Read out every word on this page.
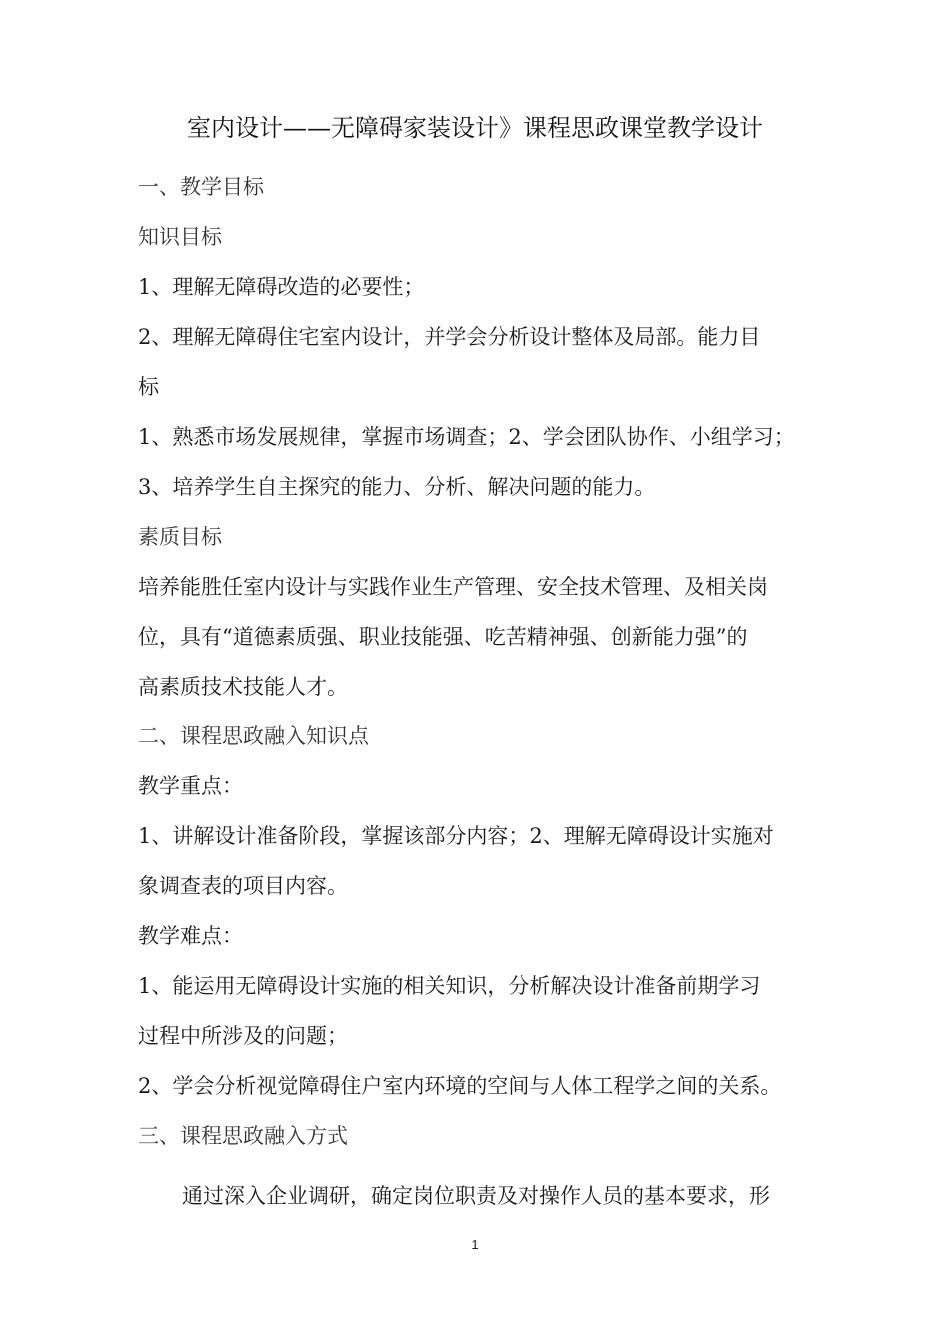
室内设计——无障碍家装设计》课程思政课堂教学设计
一、教学目标
知识目标
1、理解无障碍改造的必要性；
2、理解无障碍住宅室内设计，并学会分析设计整体及局部。能力目
标
1、熟悉市场发展规律，掌握市场调查；2、学会团队协作、小组学习；
3、培养学生自主探究的能力、分析、解决问题的能力。
素质目标
培养能胜任室内设计与实践作业生产管理、安全技术管理、及相关岗
位，具有“道德素质强、职业技能强、吃苦精神强、创新能力强”的
高素质技术技能人才。
二、课程思政融入知识点
教学重点：
1、讲解设计准备阶段，掌握该部分内容；2、理解无障碍设计实施对
象调查表的项目内容。
教学难点：
1、能运用无障碍设计实施的相关知识，分析解决设计准备前期学习
过程中所涉及的问题；
2、学会分析视觉障碍住户室内环境的空间与人体工程学之间的关系。
三、课程思政融入方式
通过深入企业调研，确定岗位职责及对操作人员的基本要求，形
1
